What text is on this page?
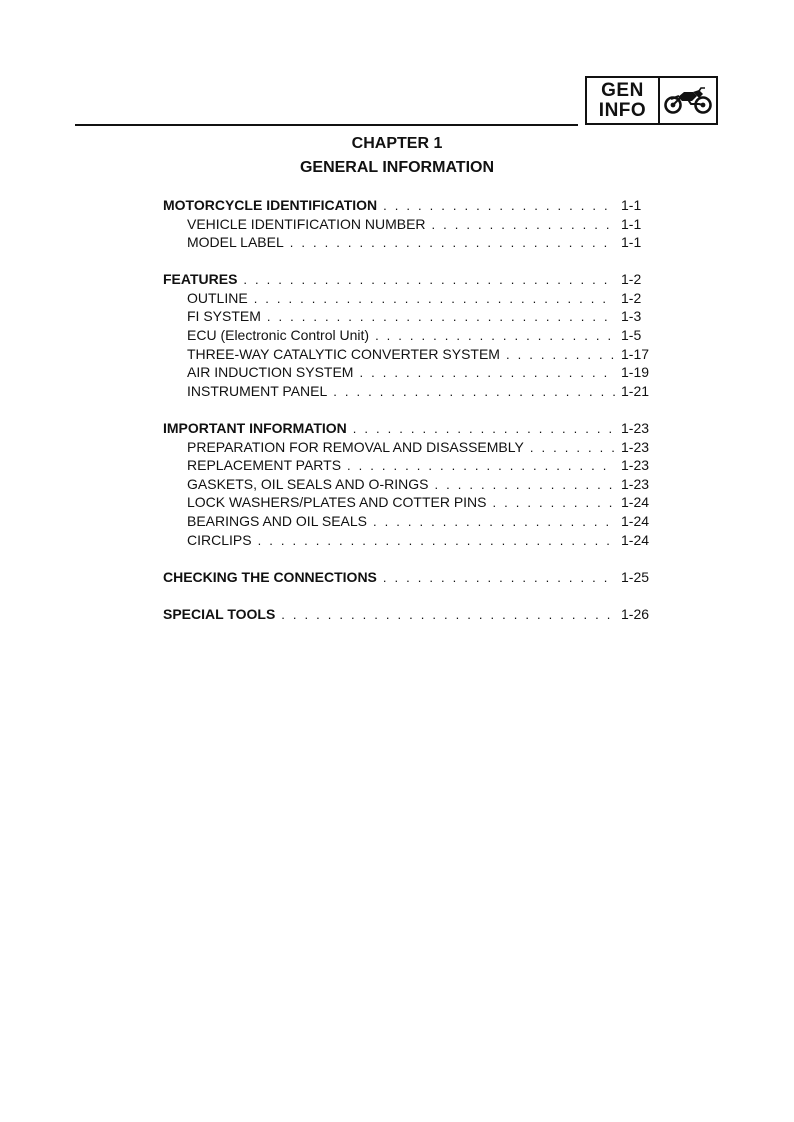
GEN
INFO
CHAPTER 1
GENERAL INFORMATION
MOTORCYCLE IDENTIFICATION . . .	1-1
VEHICLE IDENTIFICATION NUMBER . . .	1-1
MODEL LABEL . . .	1-1
FEATURES . . .	1-2
OUTLINE . . .	1-2
FI SYSTEM . . .	1-3
ECU (Electronic Control Unit) . . .	1-5
THREE-WAY CATALYTIC CONVERTER SYSTEM . . .	1-17
AIR INDUCTION SYSTEM . . .	1-19
INSTRUMENT PANEL . . .	1-21
IMPORTANT INFORMATION . . .	1-23
PREPARATION FOR REMOVAL AND DISASSEMBLY . . .	1-23
REPLACEMENT PARTS . . .	1-23
GASKETS, OIL SEALS AND O-RINGS . . .	1-23
LOCK WASHERS/PLATES AND COTTER PINS . . .	1-24
BEARINGS AND OIL SEALS . . .	1-24
CIRCLIPS . . .	1-24
CHECKING THE CONNECTIONS . . .	1-25
SPECIAL TOOLS . . .	1-26
